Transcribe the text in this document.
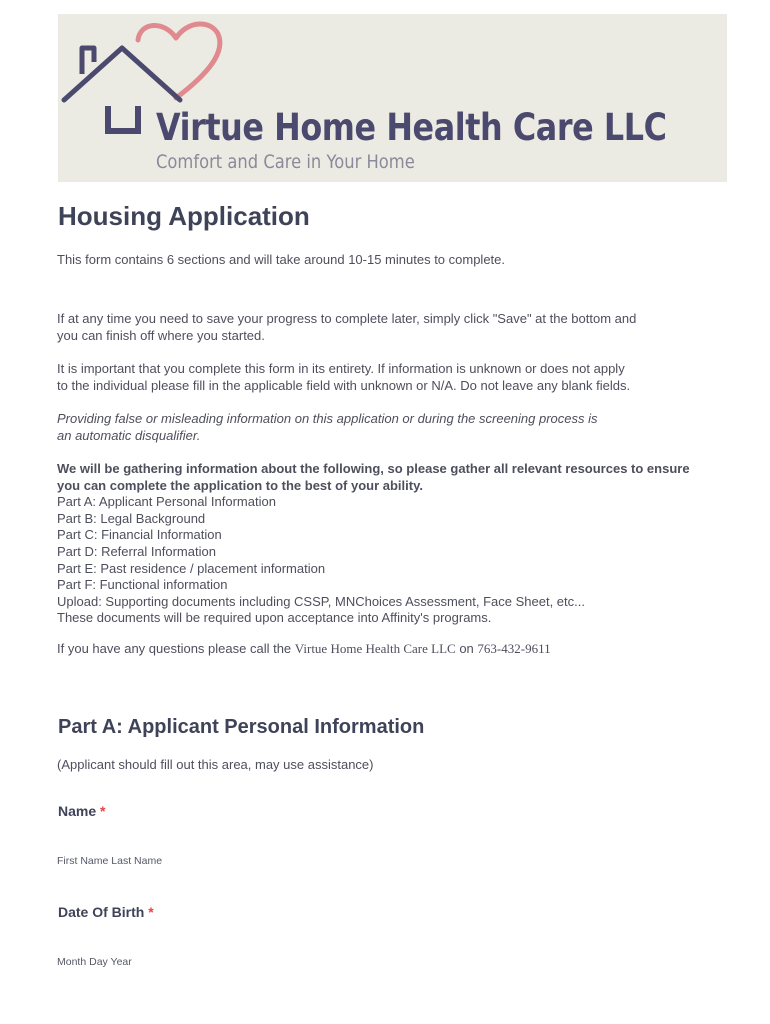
Virtue Home Health Care LLC
Comfort and Care in Your Home
Housing Application

This form contains 6 sections and will take around 10-15 minutes to complete.

If at any time you need to save your progress to complete later, simply click "Save" at the bottom and
you can finish off where you started.

It is important that you complete this form in its entirety. If information is unknown or does not apply
to the individual please fill in the applicable field with unknown or N/A. Do not leave any blank fields.

Providing false or misleading information on this application or during the screening process is
an automatic disqualifier.

We will be gathering information about the following, so please gather all relevant resources to ensure
you can complete the application to the best of your ability.
Part A: Applicant Personal Information
Part B: Legal Background
Part C: Financial Information
Part D: Referral Information
Part E: Past residence / placement information
Part F: Functional information
Upload: Supporting documents including CSSP, MNChoices Assessment, Face Sheet, etc...
These documents will be required upon acceptance into Affinity's programs.

If you have any questions please call the Virtue Home Health Care LLC on 763-432-9611

Part A: Applicant Personal Information

(Applicant should fill out this area, may use assistance)

Name *
First Name Last Name
Date Of Birth *
Month Day Year
